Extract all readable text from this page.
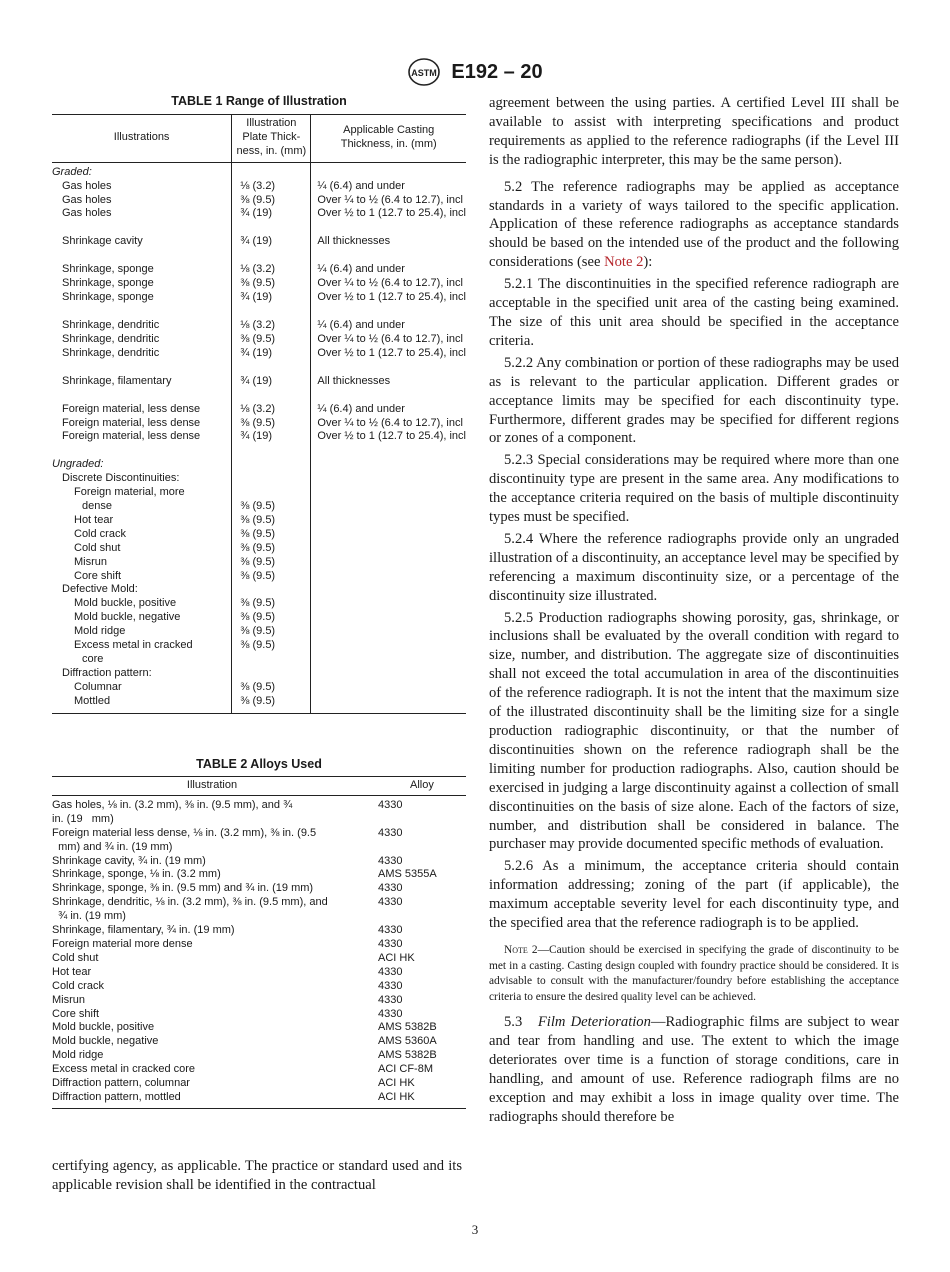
ASTM E192 – 20
TABLE 1 Range of Illustration
Illustrations	Illustration Plate Thick- ness, in. (mm)	Applicable Casting Thickness, in. (mm)
Graded:		
Gas holes	⅛ (3.2)	¼ (6.4) and under
Gas holes	⅜ (9.5)	Over ¼ to ½ (6.4 to 12.7), incl
Gas holes	¾ (19)	Over ½ to 1 (12.7 to 25.4), incl

Shrinkage cavity	¾ (19)	All thicknesses

Shrinkage, sponge	⅛ (3.2)	¼ (6.4) and under
Shrinkage, sponge	⅜ (9.5)	Over ¼ to ½ (6.4 to 12.7), incl
Shrinkage, sponge	¾ (19)	Over ½ to 1 (12.7 to 25.4), incl

Shrinkage, dendritic	⅛ (3.2)	¼ (6.4) and under
Shrinkage, dendritic	⅜ (9.5)	Over ¼ to ½ (6.4 to 12.7), incl
Shrinkage, dendritic	¾ (19)	Over ½ to 1 (12.7 to 25.4), incl

Shrinkage, filamentary	¾ (19)	All thicknesses

Foreign material, less dense	⅛ (3.2)	¼ (6.4) and under
Foreign material, less dense	⅜ (9.5)	Over ¼ to ½ (6.4 to 12.7), incl
Foreign material, less dense	¾ (19)	Over ½ to 1 (12.7 to 25.4), incl

Ungraded:		
Discrete Discontinuities:		
Foreign material, more		
dense	⅜ (9.5)	
Hot tear	⅜ (9.5)	
Cold crack	⅜ (9.5)	
Cold shut	⅜ (9.5)	
Misrun	⅜ (9.5)	
Core shift	⅜ (9.5)	
Defective Mold:		
Mold buckle, positive	⅜ (9.5)	
Mold buckle, negative	⅜ (9.5)	
Mold ridge	⅜ (9.5)	
Excess metal in cracked	⅜ (9.5)	
core		
Diffraction pattern:		
Columnar	⅜ (9.5)	
Mottled	⅜ (9.5)	

TABLE 2 Alloys Used
Illustration	Alloy
Gas holes, ⅛ in. (3.2 mm), ⅜ in. (9.5 mm), and ¾	4330
in. (19   mm)	
Foreign material less dense, ⅛ in. (3.2 mm), ⅜ in. (9.5	4330
mm) and ¾ in. (19 mm)	
Shrinkage cavity, ¾ in. (19 mm)	4330
Shrinkage, sponge, ⅛ in. (3.2 mm)	AMS 5355A
Shrinkage, sponge, ⅜ in. (9.5 mm) and ¾ in. (19 mm)	4330
Shrinkage, dendritic, ⅛ in. (3.2 mm), ⅜ in. (9.5 mm), and	4330
¾ in. (19 mm)	
Shrinkage, filamentary, ¾ in. (19 mm)	4330
Foreign material more dense	4330
Cold shut	ACI HK
Hot tear	4330
Cold crack	4330
Misrun	4330
Core shift	4330
Mold buckle, positive	AMS 5382B
Mold buckle, negative	AMS 5360A
Mold ridge	AMS 5382B
Excess metal in cracked core	ACI CF-8M
Diffraction pattern, columnar	ACI HK
Diffraction pattern, mottled	ACI HK

certifying agency, as applicable. The practice or standard used and its applicable revision shall be identified in the contractual

agreement between the using parties. A certified Level III shall be available to assist with interpreting specifications and product requirements as applied to the reference radiographs (if the Level III is the radiographic interpreter, this may be the same person).

5.2 The reference radiographs may be applied as acceptance standards in a variety of ways tailored to the specific application. Application of these reference radiographs as acceptance standards should be based on the intended use of the product and the following considerations (see Note 2):

5.2.1 The discontinuities in the specified reference radiograph are acceptable in the specified unit area of the casting being examined. The size of this unit area should be specified in the acceptance criteria.

5.2.2 Any combination or portion of these radiographs may be used as is relevant to the particular application. Different grades or acceptance limits may be specified for each discontinuity type. Furthermore, different grades may be specified for different regions or zones of a component.

5.2.3 Special considerations may be required where more than one discontinuity type are present in the same area. Any modifications to the acceptance criteria required on the basis of multiple discontinuity types must be specified.

5.2.4 Where the reference radiographs provide only an ungraded illustration of a discontinuity, an acceptance level may be specified by referencing a maximum discontinuity size, or a percentage of the discontinuity size illustrated.

5.2.5 Production radiographs showing porosity, gas, shrinkage, or inclusions shall be evaluated by the overall condition with regard to size, number, and distribution. The aggregate size of discontinuities shall not exceed the total accumulation in area of the discontinuities of the reference radiograph. It is not the intent that the maximum size of the illustrated discontinuity shall be the limiting size for a single production radiographic discontinuity, or that the number of discontinuities shown on the reference radiograph shall be the limiting number for production radiographs. Also, caution should be exercised in judging a large discontinuity against a collection of small discontinuities on the basis of size alone. Each of the factors of size, number, and distribution shall be considered in balance. The purchaser may provide documented specific methods of evaluation.

5.2.6 As a minimum, the acceptance criteria should contain information addressing; zoning of the part (if applicable), the maximum acceptable severity level for each discontinuity type, and the specified area that the reference radiograph is to be applied.

Note 2—Caution should be exercised in specifying the grade of discontinuity to be met in a casting. Casting design coupled with foundry practice should be considered. It is advisable to consult with the manufacturer/foundry before establishing the acceptance criteria to ensure the desired quality level can be achieved.

5.3 Film Deterioration—Radiographic films are subject to wear and tear from handling and use. The extent to which the image deteriorates over time is a function of storage conditions, care in handling, and amount of use. Reference radiograph films are no exception and may exhibit a loss in image quality over time. The radiographs should therefore be

3
